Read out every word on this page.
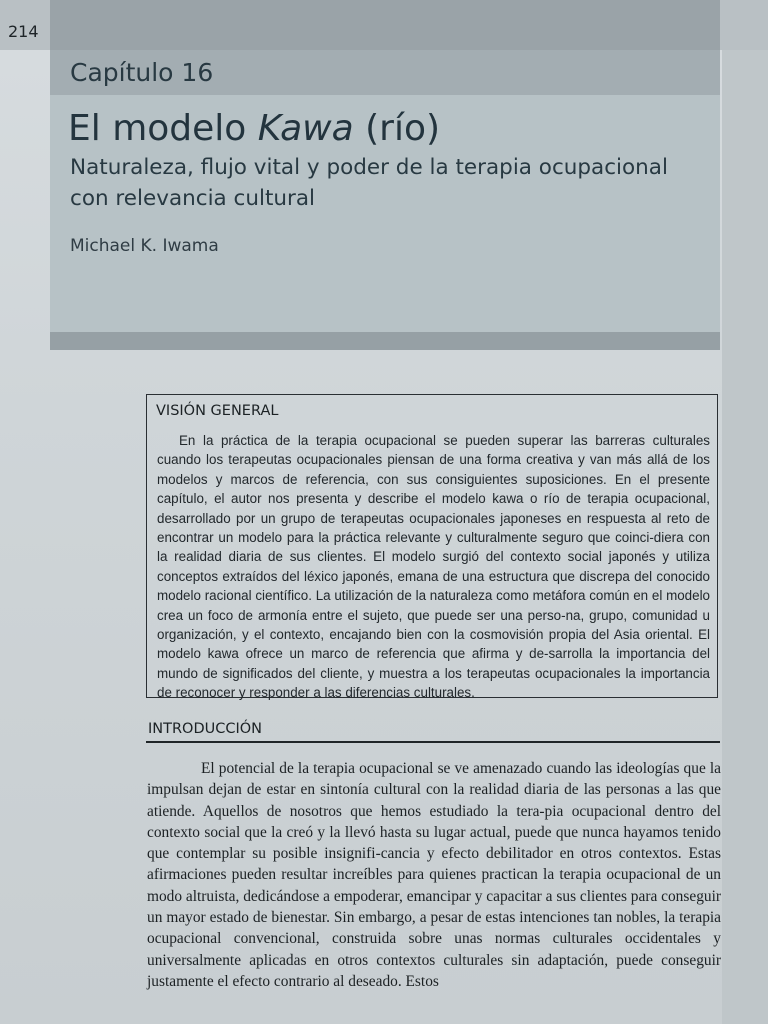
214
Capítulo 16
El modelo Kawa (río)
Naturaleza, flujo vital y poder de la terapia ocupacional con relevancia cultural
Michael K. Iwama
VISIÓN GENERAL
En la práctica de la terapia ocupacional se pueden superar las barreras culturales cuando los terapeutas ocupacionales piensan de una forma creativa y van más allá de los modelos y marcos de referencia, con sus consiguientes suposiciones. En el presente capítulo, el autor nos presenta y describe el modelo kawa o río de terapia ocupacional, desarrollado por un grupo de terapeutas ocupacionales japoneses en respuesta al reto de encontrar un modelo para la práctica relevante y culturalmente seguro que coinci-diera con la realidad diaria de sus clientes. El modelo surgió del contexto social japonés y utiliza conceptos extraídos del léxico japonés, emana de una estructura que discrepa del conocido modelo racional científico. La utilización de la naturaleza como metáfora común en el modelo crea un foco de armonía entre el sujeto, que puede ser una perso-na, grupo, comunidad u organización, y el contexto, encajando bien con la cosmovisión propia del Asia oriental. El modelo kawa ofrece un marco de referencia que afirma y de-sarrolla la importancia del mundo de significados del cliente, y muestra a los terapeutas ocupacionales la importancia de reconocer y responder a las diferencias culturales.
INTRODUCCIÓN
El potencial de la terapia ocupacional se ve amenazado cuando las ideologías que la impulsan dejan de estar en sintonía cultural con la realidad diaria de las personas a las que atiende. Aquellos de nosotros que hemos estudiado la tera-pia ocupacional dentro del contexto social que la creó y la llevó hasta su lugar actual, puede que nunca hayamos tenido que contemplar su posible insignifi-cancia y efecto debilitador en otros contextos. Estas afirmaciones pueden resultar increíbles para quienes practican la terapia ocupacional de un modo altruista, dedicándose a empoderar, emancipar y capacitar a sus clientes para conseguir un mayor estado de bienestar. Sin embargo, a pesar de estas intenciones tan nobles, la terapia ocupacional convencional, construida sobre unas normas culturales occidentales y universalmente aplicadas en otros contextos culturales sin adaptación, puede conseguir justamente el efecto contrario al deseado. Estos
